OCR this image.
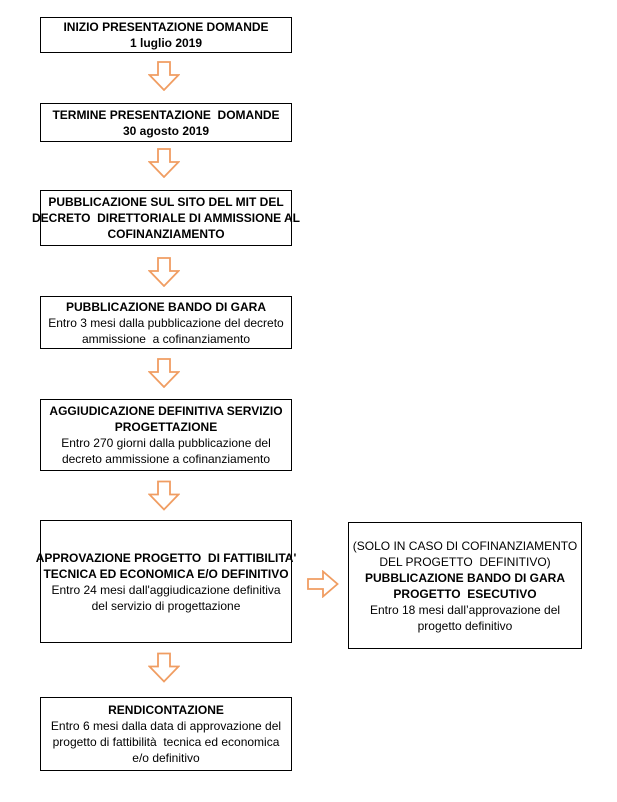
INIZIO PRESENTAZIONE DOMANDE
1 luglio 2019
TERMINE PRESENTAZIONE  DOMANDE
30 agosto 2019
PUBBLICAZIONE SUL SITO DEL MIT DEL
DECRETO  DIRETTORIALE DI AMMISSIONE AL
COFINANZIAMENTO
PUBBLICAZIONE BANDO DI GARA
Entro 3 mesi dalla pubblicazione del decreto
ammissione  a cofinanziamento
AGGIUDICAZIONE DEFINITIVA SERVIZIO
PROGETTAZIONE
Entro 270 giorni dalla pubblicazione del
decreto ammissione a cofinanziamento
APPROVAZIONE PROGETTO  DI FATTIBILITA'
TECNICA ED ECONOMICA E/O DEFINITIVO
Entro 24 mesi dall'aggiudicazione definitiva
del servizio di progettazione
(SOLO IN CASO DI COFINANZIAMENTO
DEL PROGETTO  DEFINITIVO)
PUBBLICAZIONE BANDO DI GARA
PROGETTO  ESECUTIVO
Entro 18 mesi dall’approvazione del
progetto definitivo
RENDICONTAZIONE
Entro 6 mesi dalla data di approvazione del
progetto di fattibilità  tecnica ed economica
e/o definitivo
